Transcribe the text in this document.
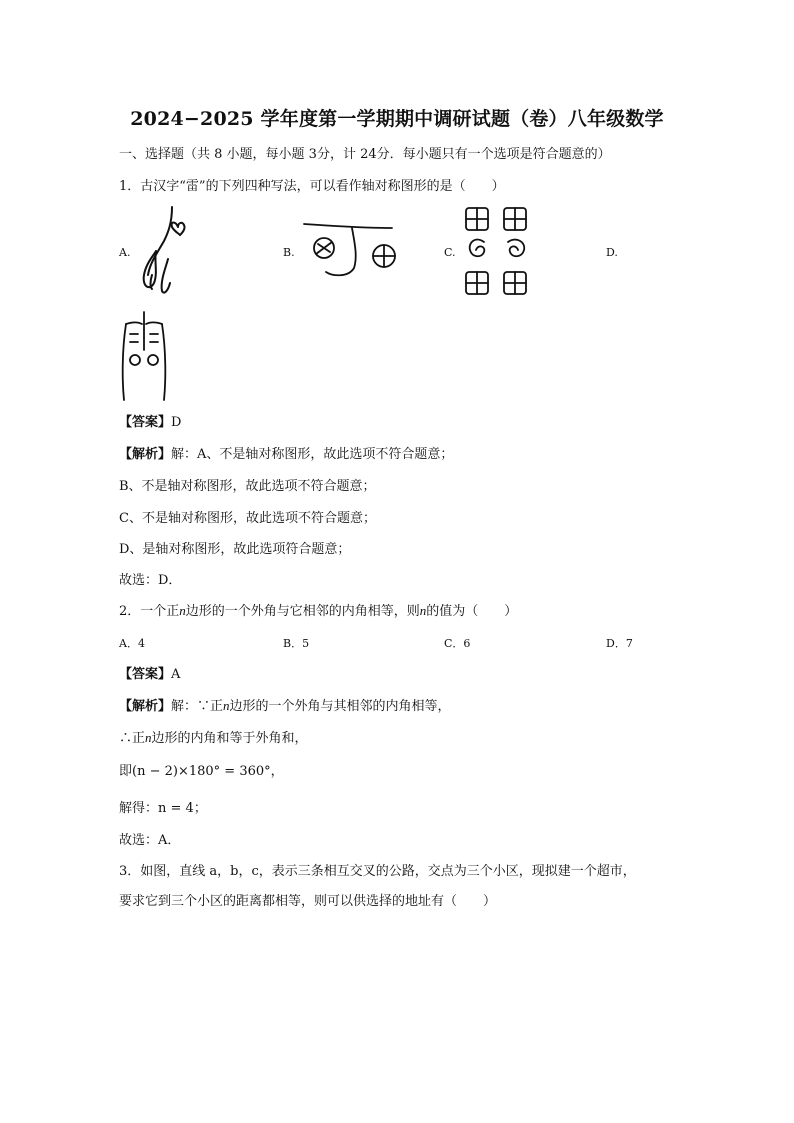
2024−2025 学年度第一学期期中调研试题（卷）八年级数学
一、选择题（共 8 小题，每小题 3分，计 24分．每小题只有一个选项是符合题意的）
1．古汉字“雷”的下列四种写法，可以看作轴对称图形的是（　　）
A.	B.	C.	D.
【答案】D
【解析】解：A、不是轴对称图形，故此选项不符合题意；
B、不是轴对称图形，故此选项不符合题意；
C、不是轴对称图形，故此选项不符合题意；
D、是轴对称图形，故此选项符合题意；
故选：D．
2．一个正n边形的一个外角与它相邻的内角相等，则n的值为（　　）
A．4	B．5	C．6	D．7
【答案】A
【解析】解：∵正n边形的一个外角与其相邻的内角相等，
∴正n边形的内角和等于外角和，
即(n − 2)×180° = 360°，
解得：n = 4；
故选：A．
3．如图，直线 a，b，c，表示三条相互交叉的公路，交点为三个小区，现拟建一个超市，
要求它到三个小区的距离都相等，则可以供选择的地址有（　　）
